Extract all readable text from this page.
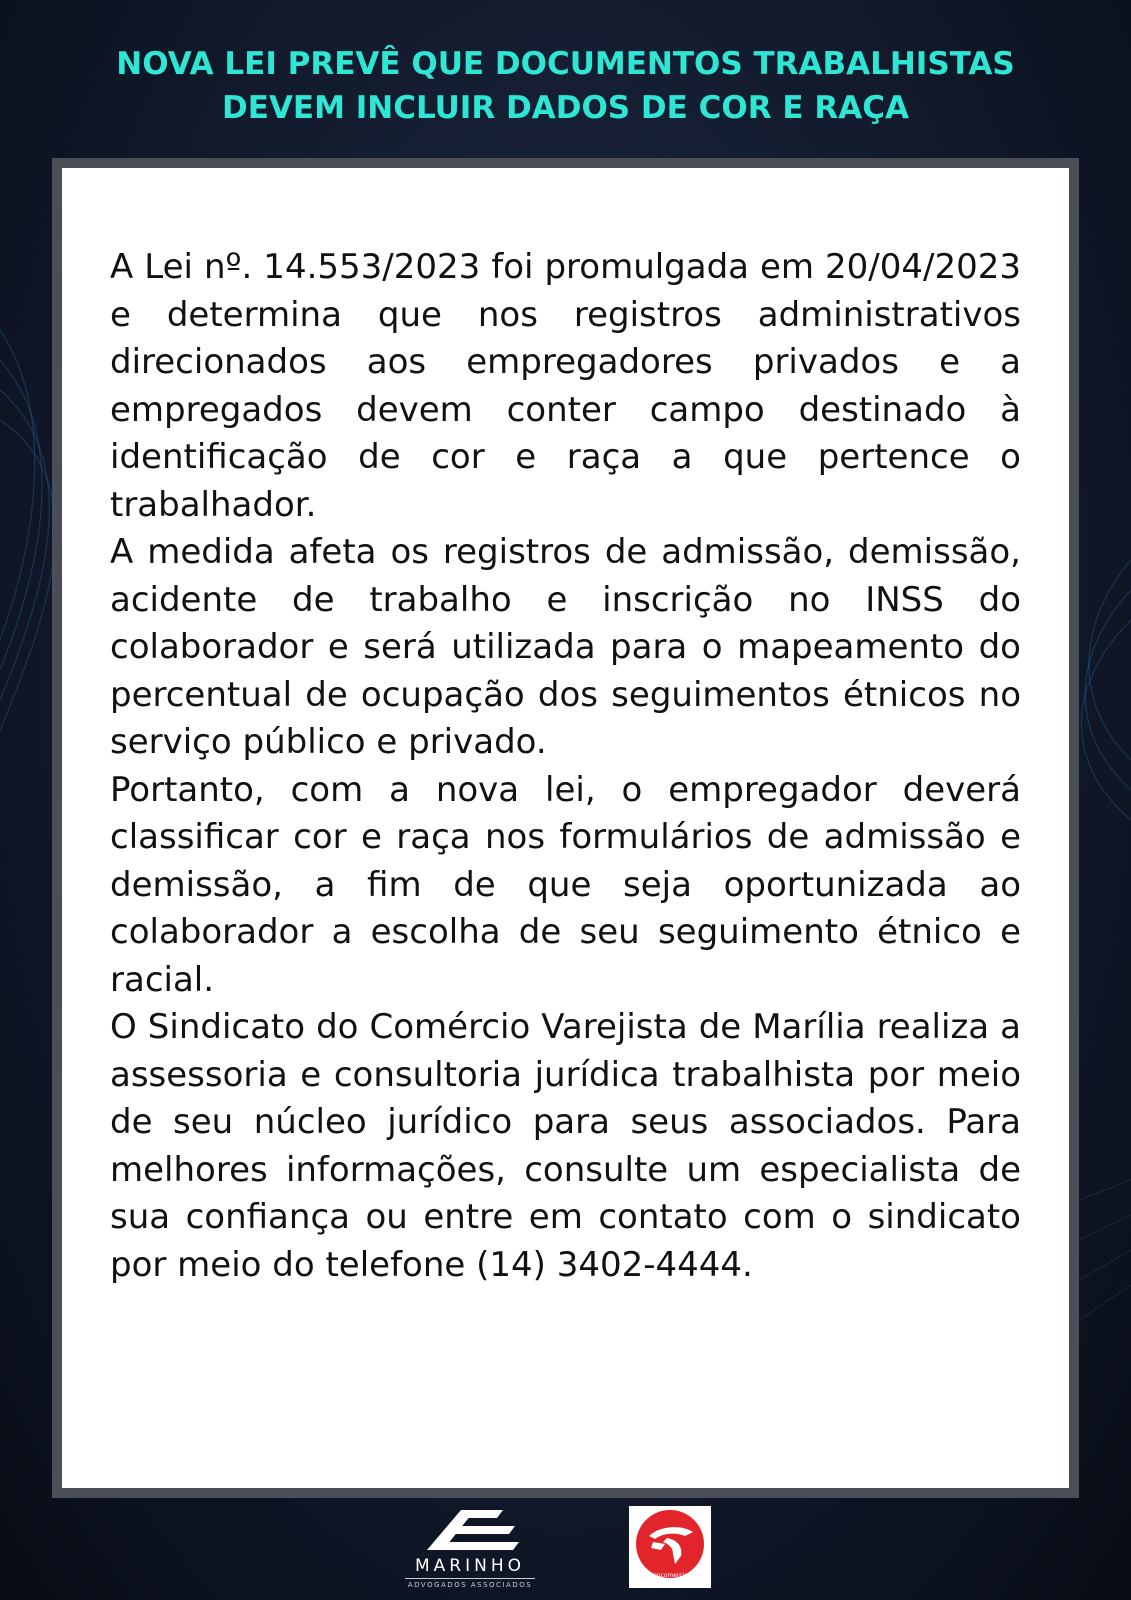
NOVA LEI PREVÊ QUE DOCUMENTOS TRABALHISTAS
DEVEM INCLUIR DADOS DE COR E RAÇA

A Lei nº. 14.553/2023 foi promulgada em 20/04/2023 e determina que nos registros administrativos direcionados aos empregadores privados e a empregados devem conter campo destinado à identificação de cor e raça a que pertence o trabalhador.

A medida afeta os registros de admissão, demissão, acidente de trabalho e inscrição no INSS do colaborador e será utilizada para o mapeamento do percentual de ocupação dos seguimentos étnicos no serviço público e privado.

Portanto, com a nova lei, o empregador deverá classificar cor e raça nos formulários de admissão e demissão, a fim de que seja oportunizada ao colaborador a escolha de seu seguimento étnico e racial.

O Sindicato do Comércio Varejista de Marília realiza a assessoria e consultoria jurídica trabalhista por meio de seu núcleo jurídico para seus associados. Para melhores informações, consulte um especialista de sua confiança ou entre em contato com o sindicato por meio do telefone (14) 3402-4444.

MARINHO
ADVOGADOS ASSOCIADOS
sincomercio
marília
